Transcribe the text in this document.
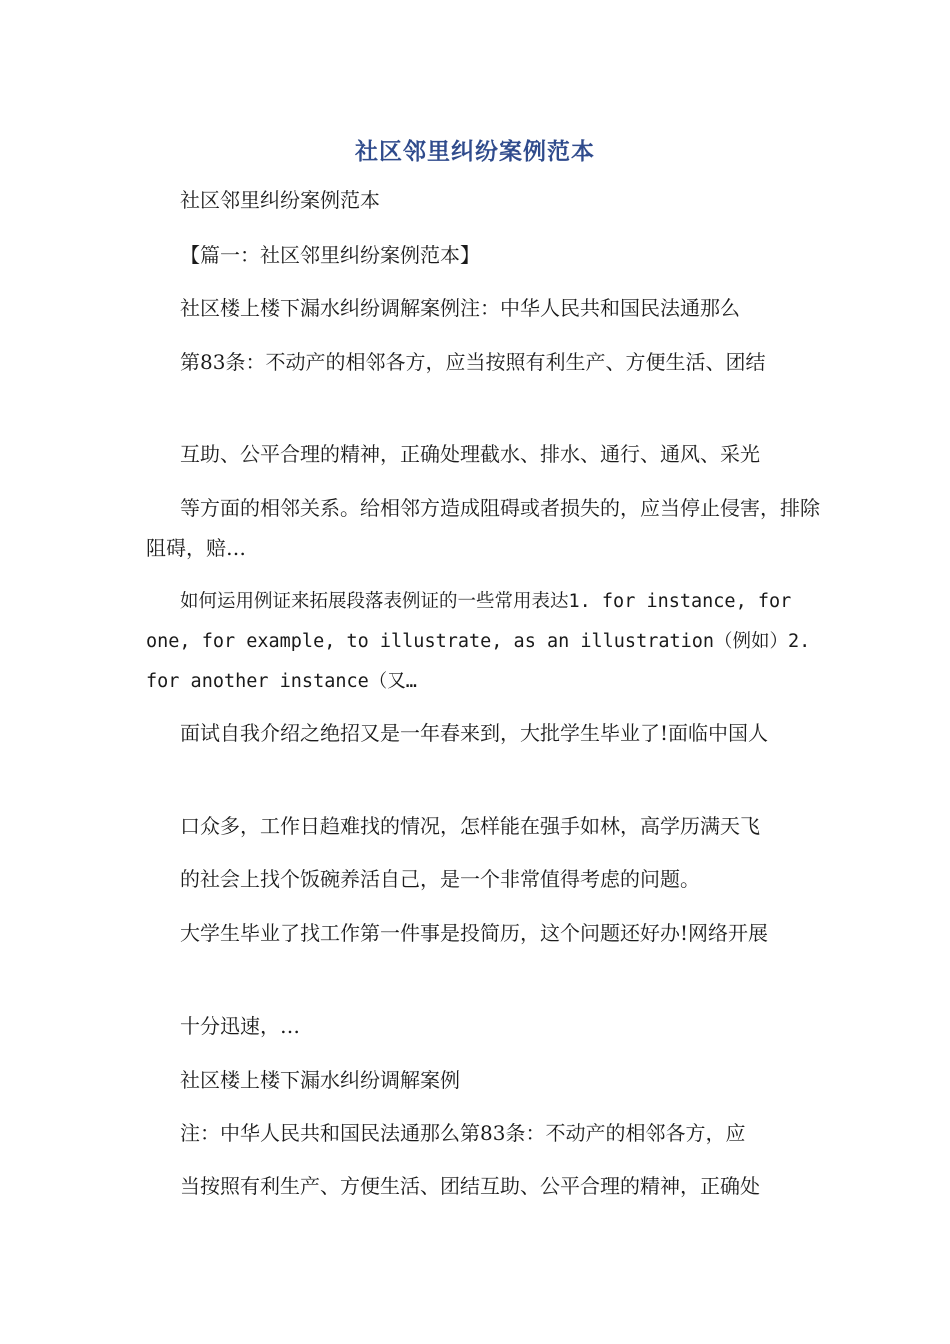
社区邻里纠纷案例范本
社区邻里纠纷案例范本
【篇一：社区邻里纠纷案例范本】
社区楼上楼下漏水纠纷调解案例注：中华人民共和国民法通那么
第83条：不动产的相邻各方，应当按照有利生产、方便生活、团结
互助、公平合理的精神，正确处理截水、排水、通行、通风、采光
等方面的相邻关系。给相邻方造成阻碍或者损失的，应当停止侵害，排除阻碍，赔…
如何运用例证来拓展段落表例证的一些常用表达1. for instance, for one, for example, to illustrate, as an illustration（例如）2. for another instance（又…
面试自我介绍之绝招又是一年春来到，大批学生毕业了!面临中国人
口众多，工作日趋难找的情况，怎样能在强手如林，高学历满天飞
的社会上找个饭碗养活自己，是一个非常值得考虑的问题。
大学生毕业了找工作第一件事是投简历，这个问题还好办!网络开展
十分迅速，…
社区楼上楼下漏水纠纷调解案例
注：中华人民共和国民法通那么第83条：不动产的相邻各方，应
当按照有利生产、方便生活、团结互助、公平合理的精神，正确处
